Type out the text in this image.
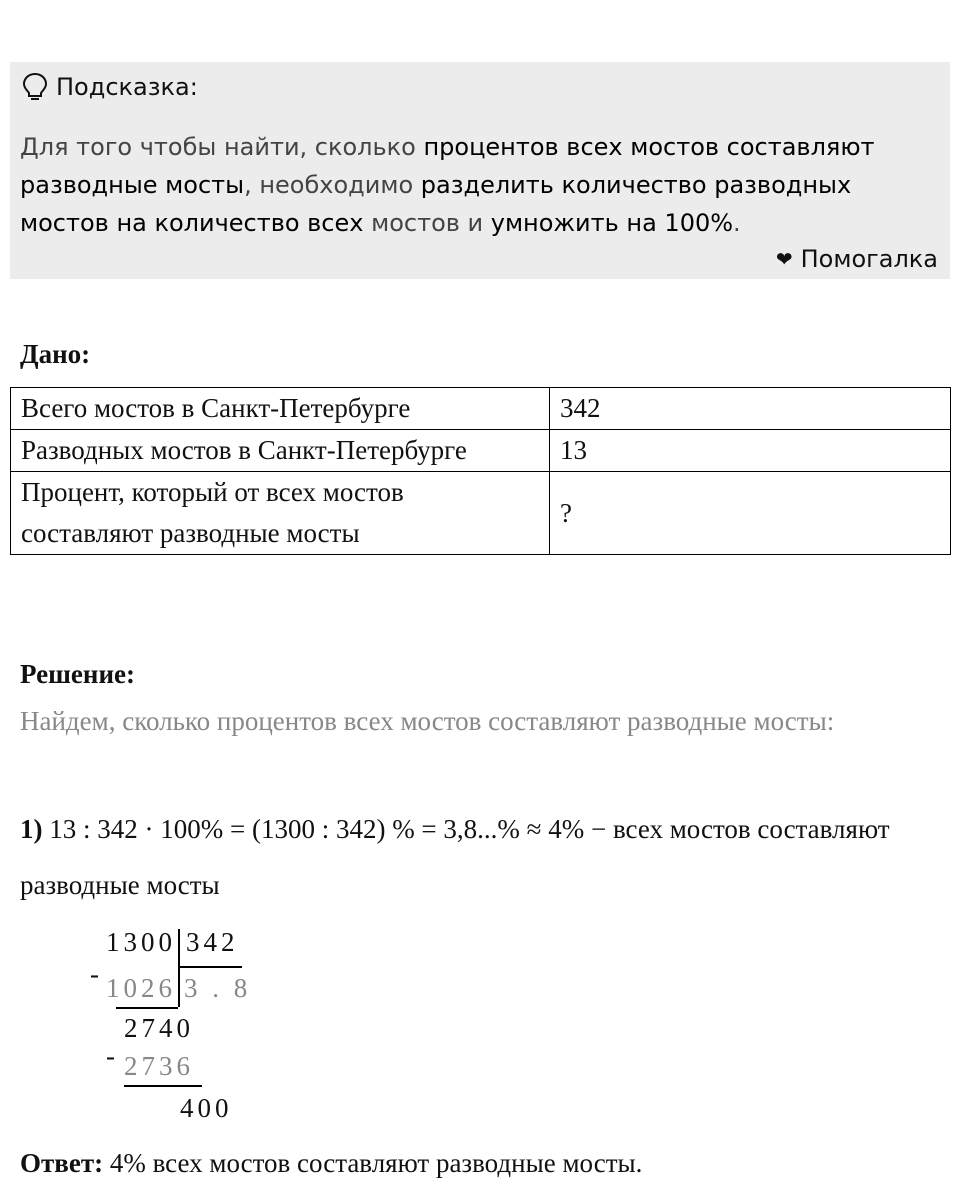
Подсказка:
Для того чтобы найти, сколько процентов всех мостов составляют разводные мосты, необходимо разделить количество разводных мостов на количество всех мостов и умножить на 100%.
❤ Помогалка
Дано:
Всего мостов в Санкт-Петербурге	342
Разводных мостов в Санкт-Петербурге	13
Процент, который от всех мостов составляют разводные мосты	?
Решение:
Найдем, сколько процентов всех мостов составляют разводные мосты:
1) 13 : 342 · 100% = (1300 : 342) % = 3,8...% ≈ 4% − всех мостов составляют разводные мосты
1300 342
- 1026 3 . 8
2740
- 2736
400
Ответ: 4% всех мостов составляют разводные мосты.
